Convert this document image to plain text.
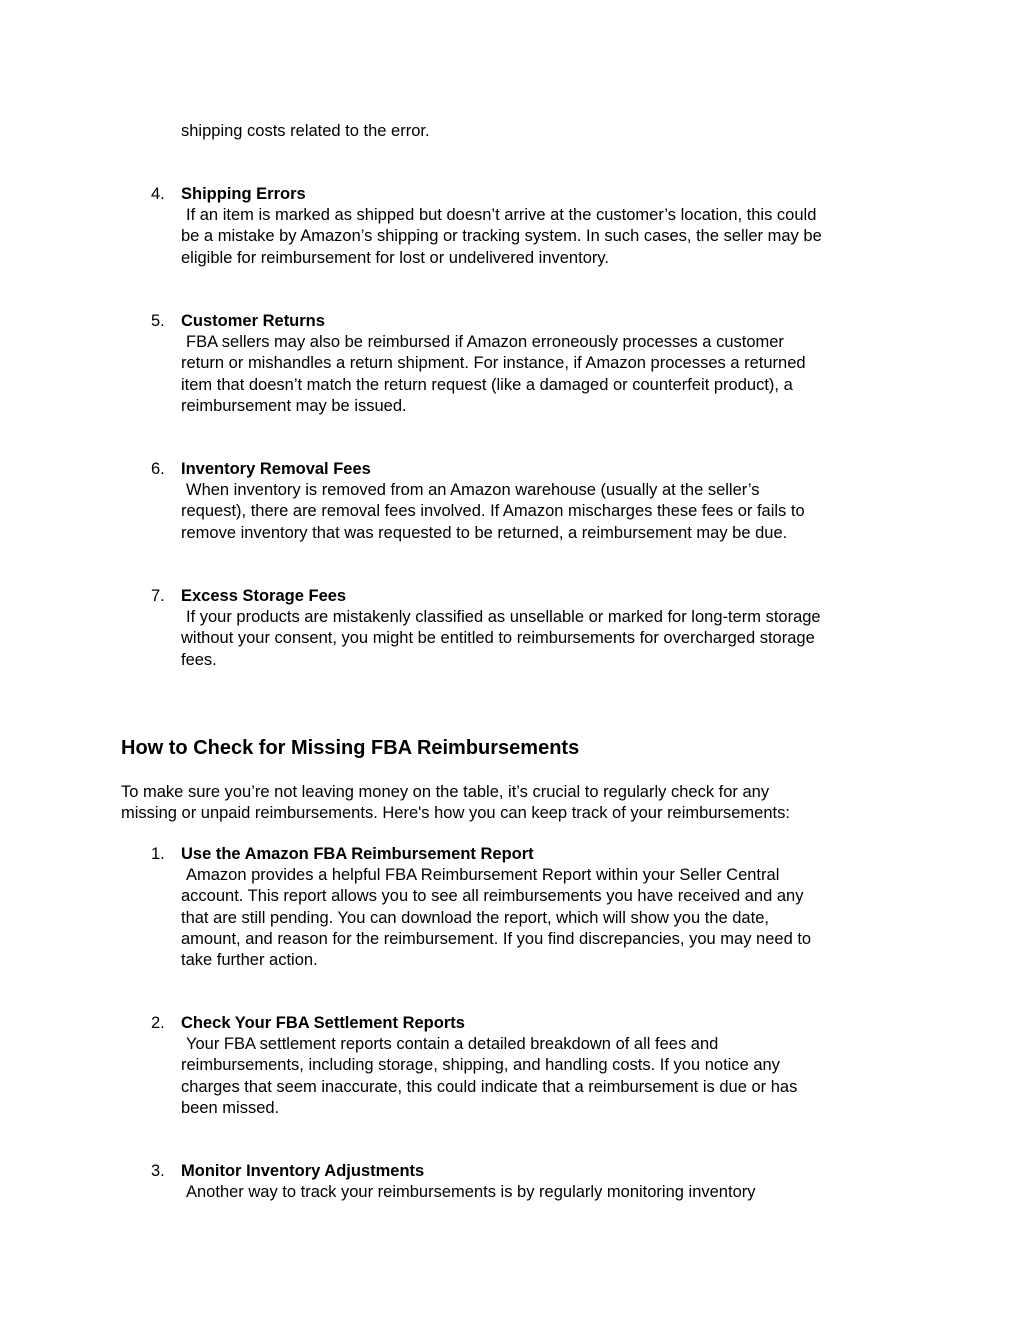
shipping costs related to the error.

4. Shipping Errors
If an item is marked as shipped but doesn’t arrive at the customer’s location, this could
be a mistake by Amazon’s shipping or tracking system. In such cases, the seller may be
eligible for reimbursement for lost or undelivered inventory.
5. Customer Returns
FBA sellers may also be reimbursed if Amazon erroneously processes a customer
return or mishandles a return shipment. For instance, if Amazon processes a returned
item that doesn’t match the return request (like a damaged or counterfeit product), a
reimbursement may be issued.
6. Inventory Removal Fees
When inventory is removed from an Amazon warehouse (usually at the seller’s
request), there are removal fees involved. If Amazon mischarges these fees or fails to
remove inventory that was requested to be returned, a reimbursement may be due.
7. Excess Storage Fees
If your products are mistakenly classified as unsellable or marked for long-term storage
without your consent, you might be entitled to reimbursements for overcharged storage
fees.
How to Check for Missing FBA Reimbursements
To make sure you’re not leaving money on the table, it’s crucial to regularly check for any
missing or unpaid reimbursements. Here's how you can keep track of your reimbursements:
1. Use the Amazon FBA Reimbursement Report
Amazon provides a helpful FBA Reimbursement Report within your Seller Central
account. This report allows you to see all reimbursements you have received and any
that are still pending. You can download the report, which will show you the date,
amount, and reason for the reimbursement. If you find discrepancies, you may need to
take further action.
2. Check Your FBA Settlement Reports
Your FBA settlement reports contain a detailed breakdown of all fees and
reimbursements, including storage, shipping, and handling costs. If you notice any
charges that seem inaccurate, this could indicate that a reimbursement is due or has
been missed.
3. Monitor Inventory Adjustments
Another way to track your reimbursements is by regularly monitoring inventory
